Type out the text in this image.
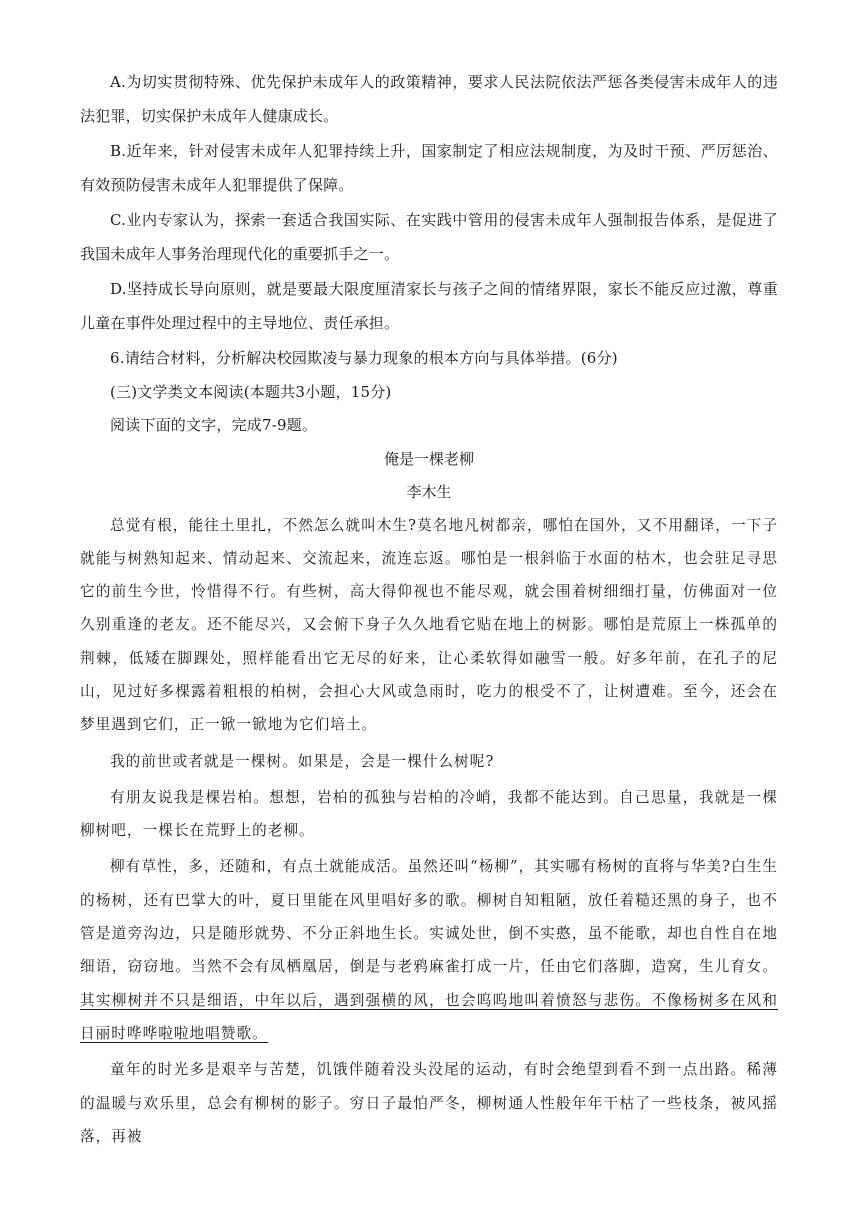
A.为切实贯彻特殊、优先保护未成年人的政策精神，要求人民法院依法严惩各类侵害未成年人的违法犯罪，切实保护未成年人健康成长。

B.近年来，针对侵害未成年人犯罪持续上升，国家制定了相应法规制度，为及时干预、严厉惩治、有效预防侵害未成年人犯罪提供了保障。

C.业内专家认为，探索一套适合我国实际、在实践中管用的侵害未成年人强制报告体系，是促进了我国未成年人事务治理现代化的重要抓手之一。

D.坚持成长导向原则，就是要最大限度厘清家长与孩子之间的情绪界限，家长不能反应过激，尊重儿童在事件处理过程中的主导地位、责任承担。

6.请结合材料，分析解决校园欺凌与暴力现象的根本方向与具体举措。(6分)

(三)文学类文本阅读(本题共3小题，15分)

阅读下面的文字，完成7-9题。

俺是一棵老柳

李木生

总觉有根，能往土里扎，不然怎么就叫木生?莫名地凡树都亲，哪怕在国外，又不用翻译，一下子就能与树熟知起来、情动起来、交流起来，流连忘返。哪怕是一根斜临于水面的枯木，也会驻足寻思它的前生今世，怜惜得不行。有些树，高大得仰视也不能尽观，就会围着树细细打量，仿佛面对一位久别重逢的老友。还不能尽兴，又会俯下身子久久地看它贴在地上的树影。哪怕是荒原上一株孤单的荆棘，低矮在脚踝处，照样能看出它无尽的好来，让心柔软得如融雪一般。好多年前，在孔子的尼山，见过好多棵露着粗根的柏树，会担心大风或急雨时，吃力的根受不了，让树遭难。至今，还会在梦里遇到它们，正一锨一锨地为它们培土。

我的前世或者就是一棵树。如果是，会是一棵什么树呢?

有朋友说我是棵岩柏。想想，岩柏的孤独与岩柏的冷峭，我都不能达到。自己思量，我就是一棵柳树吧，一棵长在荒野上的老柳。

柳有草性，多，还随和，有点土就能成活。虽然还叫“杨柳”，其实哪有杨树的直将与华美?白生生的杨树，还有巴掌大的叶，夏日里能在风里唱好多的歌。柳树自知粗陋，放任着糙还黑的身子，也不管是道旁沟边，只是随形就势、不分正斜地生长。实诚处世，倒不实憨，虽不能歌，却也自性自在地细语，窃窃地。当然不会有凤栖凰居，倒是与老鸦麻雀打成一片，任由它们落脚，造窝，生儿育女。其实柳树并不只是细语，中年以后，遇到强横的风，也会呜呜地叫着愤怒与悲伤。不像杨树多在风和日丽时哗哗啦啦地唱赞歌。

童年的时光多是艰辛与苦楚，饥饿伴随着没头没尾的运动，有时会绝望到看不到一点出路。稀薄的温暖与欢乐里，总会有柳树的影子。穷日子最怕严冬，柳树通人性般年年干枯了一些枝条，被风摇落，再被
